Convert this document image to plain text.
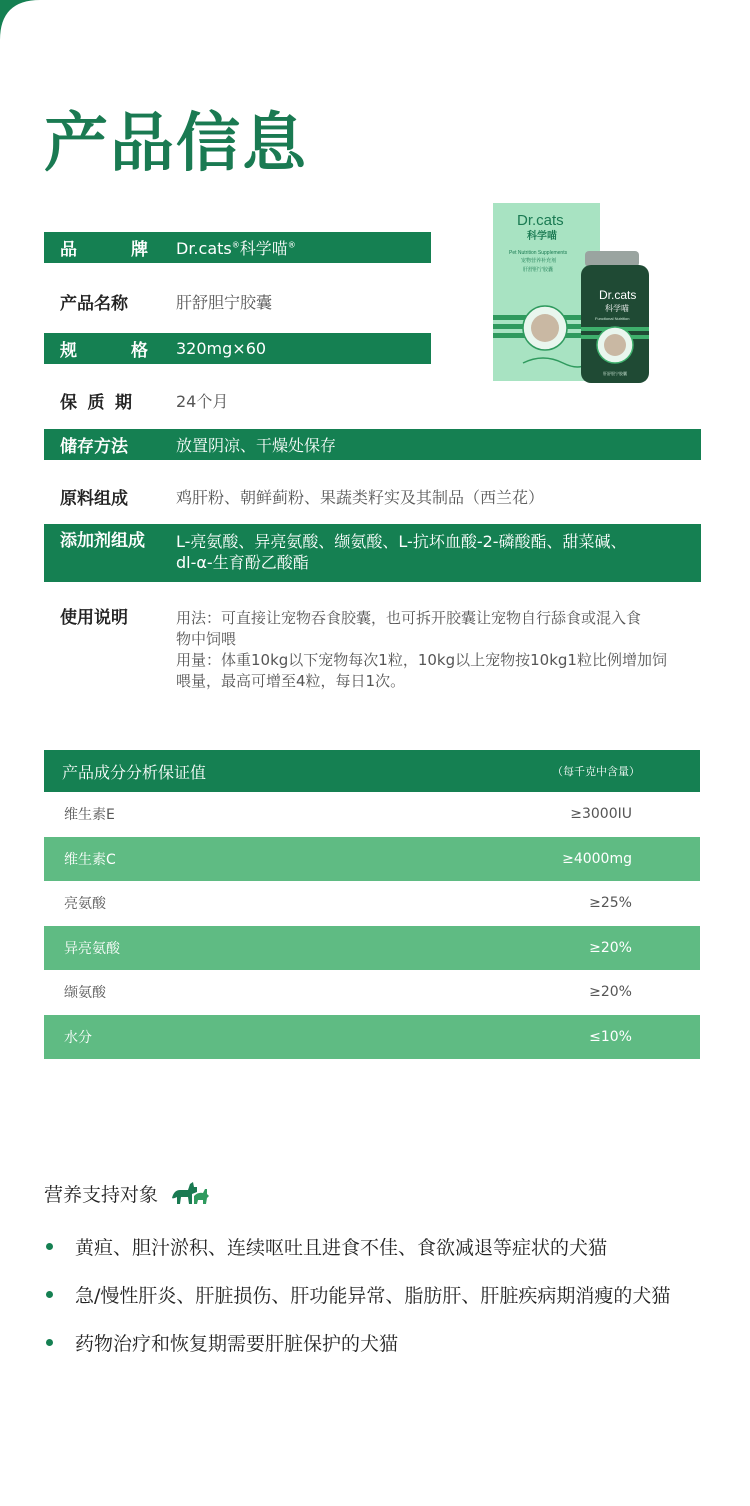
产品信息
品	牌 Dr.cats®科学喵®
产品名称	肝舒胆宁胶囊
规	格 320mg×60
保 质 期	24个月
储存方法	放置阴凉、干燥处保存
原料组成	鸡肝粉、朝鲜蓟粉、果蔬类籽实及其制品（西兰花）
添加剂组成	L-亮氨酸、异亮氨酸、缬氨酸、L-抗坏血酸-2-磷酸酯、甜菜碱、
dl-α-生育酚乙酸酯
使用说明	用法：可直接让宠物吞食胶囊，也可拆开胶囊让宠物自行舔食或混入食
物中饲喂
用量：体重10kg以下宠物每次1粒，10kg以上宠物按10kg1粒比例增加饲
喂量，最高可增至4粒，每日1次。
Dr.cats
科学喵
Pet Nutrition Supplements
宠物营养补充剂
肝舒胆宁胶囊
Dr.cats
科学喵
Functional Nutrition
肝舒胆宁胶囊
产品成分分析保证值	（每千克中含量）
维生素E	≥3000IU
维生素C	≥4000mg
亮氨酸	≥25%
异亮氨酸	≥20%
缬氨酸	≥20%
水分	≤10%
营养支持对象
黄疸、胆汁淤积、连续呕吐且进食不佳、食欲减退等症状的犬猫
急/慢性肝炎、肝脏损伤、肝功能异常、脂肪肝、肝脏疾病期消瘦的犬猫
药物治疗和恢复期需要肝脏保护的犬猫
